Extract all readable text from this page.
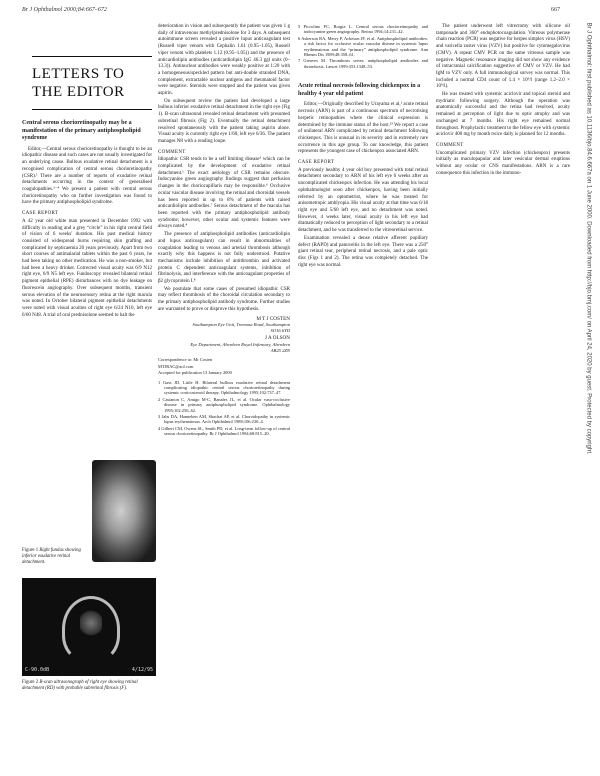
Br J Ophthalmol 2000;84:667–672	667
Br J Ophthalmol: first published as 10.1136/bjo.84.6.667a on 1 June 2000. Downloaded from http://bjo.bmj.com/ on April 24, 2020 by guest. Protected by copyright.
LETTERS TO
THE EDITOR
Central serous chorioretinopathy may be a manifestation of the primary antiphospholipid syndrome

Editor,—Central serous chorioretinopathy is thought to be an idiopathic disease and such cases are not usually investigated for an underlying cause. Bullous exudative retinal detachment is a recognised complication of central serous chorioretinopathy (CSR).¹ There are a number of reports of exudative retinal detachments occurring in the context of generalised coagulopathies.²⁻⁴ We present a patient with central serous chorioretinopathy who on further investigation was found to have the primary antiphospholipid syndrome.

CASE REPORT

A 42 year old white man presented in December 1992 with difficulty in reading and a grey “circle” in his right central field of vision of 6 weeks' duration. His past medical history consisted of widespread burns requiring skin grafting and complicated by septicaemia 20 years previously. Apart from two short courses of antimalarial tablets within the past 6 years, he had been taking no other medication. He was a non-smoker, but had been a heavy drinker. Corrected visual acuity was 6/9 N12 right eye, 6/9 N5 left eye. Fundoscopy revealed bilateral retinal pigment epithelial (RPE) disturbances with no dye leakage on fluorescein angiography. Over subsequent months, transient serous elevation of the neurosensory retina at the right macula was noted. In October bilateral pigment epithelial detachments were noted with visual acuities of right eye 6/24 N10, left eye 6/60 N48. A trial of oral prednisolone seemed to halt the

Figure 1 Right fundus showing inferior exudative retinal detachment.
C-90.0dB	4/12/95
Figure 2 B-scan ultrasonograph of right eye showing retinal detachment (RD) with probable subretinal fibrosis (F).

deterioration in vision and subsequently the patient was given 1 g daily of intravenous methylprednisolone for 3 days. A subsequent autoimmune screen revealed a positive lupus anticoagulant test (Russell viper venom with Cephalin 1.61 (0.95–1.05), Russell viper venom with platelets 1.12 (0.95–1.05)) and the presence of anticardiolipin antibodies (anticardiolipin IgG 46.3 ggl units (0–13.3)). Antinuclear antibodies were weakly positive at 1:20 with a homogeneous/speckled pattern but anti-double stranded DNA, complement, extractable nuclear antigens and rheumatoid factor were negative. Steroids were stopped and the patient was given aspirin.

On subsequent review the patient had developed a large bullous inferior exudative retinal detachment in the right eye (Fig 1). B-scan ultrasound revealed retinal detachment with presumed subretinal fibrosis (Fig 2). Eventually the retinal detachment resolved spontaneously with the patient taking aspirin alone. Visual acuity is currently right eye 1/60, left eye 6/36. The patient manages N8 with a reading loupe.

COMMENT

Idiopathic CSR tends to be a self limiting disease⁵ which can be complicated by the development of exudative retinal detachment.¹ The exact aetiology of CSR remains obscure. Indocyanine green angiography findings suggest that perfusion changes in the choriocapillaris may be responsible.⁶ Occlusive ocular vascular disease involving the retinal and choroidal vessels has been reported in up to 8% of patients with raised anticardiolipin antibodies.⁷ Serous detachment of the macula has been reported with the primary antiphospholipid antibody syndrome; however, other ocular and systemic features were always noted.⁴

The presence of antiphospholipid antibodies (anticardiolipin and lupus anticoagulant) can result in abnormalities of coagulation leading to venous and arterial thrombosis although exactly why this happens is not fully understood. Putative mechanisms include inhibition of antithrombin and activated protein C dependent anticoagulant systems, inhibition of fibrinolysis, and interference with the anticoagulant properties of β2 glycoprotein I.⁸

We postulate that some cases of presumed idiopathic CSR may reflect thrombosis of the choroidal circulation secondary to the primary antiphospholipid antibody syndrome. Further studies are warranted to prove or disprove this hypothesis.

M T J COSTEN
Southampton Eye Unit, Tremona Road, Southampton
SO16 6YD
J A OLSON
Eye Department, Aberdeen Royal Infirmary, Aberdeen
AB25 2ZN
Correspondence to: Mr Costen
MTJRAC@aol.com
Accepted for publication 13 January 2000
1 Gass JD, Little H. Bilateral bullous exudative retinal detachment complicating idiopathic central serous chorioretinopathy during systemic corticosteroid therapy. Ophthalmology 1995;102:737–47.
2 Castanon C, Amigo M-C, Banales JL, et al. Ocular vaso-occlusive disease in primary antiphospholipid syndrome. Ophthalmology 1995;102:256–62.
3 Jabs DA, Hanneken AM, Shachat AP, et al. Choroidopathy in systemic lupus erythematosus. Arch Ophthalmol 1988;106:230–4.
4 Gilbert CM, Owens SL, Smith PD, et al. Long-term follow-up of central serous chorioretinopathy. Br J Ophthalmol 1984;68:815–20.
5 Piccolino FC, Borgia L. Central serous chorioretinopathy and indocyanine green angiography. Retina 1994;14:231–42.
6 Asherson RA, Merry P, Acheson JF, et al. Antiphospholipid antibodies: a risk factor for occlusive ocular vascular disease in systemic lupus erythematosus and the “primary” antiphospholipid syndrome. Ann Rheum Dis 1989;48:358–61.
7 Greaves M. Thrombosis series: antiphospholipid antibodies and thrombosis. Lancet 1999;353:1348–53.
Acute retinal necrosis following chickenpox in a healthy 4 year old patient

Editor,—Originally described by Urayama et al,¹ acute retinal necrosis (ARN) is part of a continuous spectrum of necrotising herpetic retinopathies where the clinical expression is determined by the immune status of the host.²³ We report a case of unilateral ARN complicated by retinal detachment following chickenpox. This is unusual in its severity and in extremely rare occurrence in this age group. To our knowledge, this patient represents the youngest case of chickenpox associated ARN.

CASE REPORT

A previously healthy 4 year old boy presented with total retinal detachment secondary to ARN of his left eye 6 weeks after an uncomplicated chickenpox infection. He was attending his local ophthalmologist soon after chickenpox, having been initially referred by an optometrist, where he was treated for anisometropic amblyopia. His visual acuity at that time was 6/18 right eye and 5/60 left eye, and no detachment was noted. However, 4 weeks later, visual acuity in his left eye had dramatically reduced to perception of light secondary to a retinal detachment, and he was transferred to the vitreoretinal service.

Examination revealed a dense relative afferent pupillary defect (RAPD) and panuveitis in the left eye. There was a 250° giant retinal tear, peripheral retinal necrosis, and a pale optic disc (Figs 1 and 2). The retina was completely detached. The right eye was normal.

The patient underwent left vitrectomy with silicone oil tamponade and 360° endophotocoagulation. Vitreous polymerase chain reaction (PCR) was negative for herpes simplex virus (HSV) and varicella zoster virus (VZV) but positive for cytomegalovirus (CMV). A repeat CMV PCR on the same vitreous sample was negative. Magnetic resonance imaging did not show any evidence of intracranial calcification suggestive of CMV or VZV. He had IgM to VZV only. A full immunological survey was normal. This included a normal CD4 count of 1.4 × 10⁹/l (range 1.2–2.0 × 10⁹/l).

He was treated with systemic aciclovir and topical steroid and mydriatic following surgery. Although the operation was anatomically successful and the retina had resolved, acuity remained at perception of light due to optic atrophy and was unchanged at 7 months. His right eye remained normal throughout. Prophylactic treatment to the fellow eye with systemic aciclovir 400 mg by mouth twice daily is planned for 12 months.

COMMENT

Uncomplicated primary VZV infection (chickenpox) presents initially as maculopapular and later vesicular dermal eruptions without any ocular or CNS manifestations. ARN is a rare consequence this infection in the immuno-
